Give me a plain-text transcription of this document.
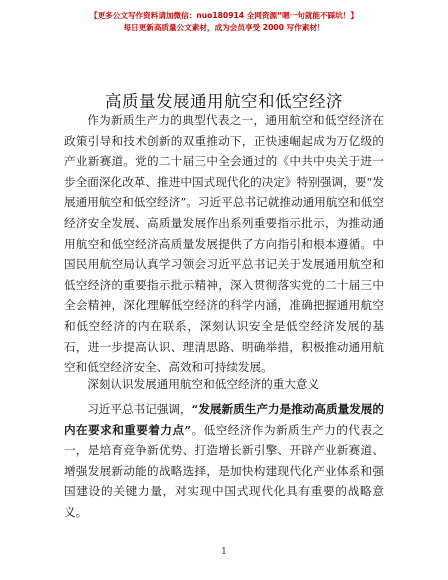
【更多公文写作资料请加微信：nuo180914 全网资源“嗯一句就能不踩坑！】
每日更新高质量公文素材，成为会员享受 2000 写作素材！
高质量发展通用航空和低空经济
作为新质生产力的典型代表之一，通用航空和低空经济在政策引导和技术创新的双重推动下，正快速崛起成为万亿级的产业新赛道。党的二十届三中全会通过的《中共中央关于进一步全面深化改革、推进中国式现代化的决定》特别强调，要“发展通用航空和低空经济”。习近平总书记就推动通用航空和低空经济安全发展、高质量发展作出系列重要指示批示，为推动通用航空和低空经济高质量发展提供了方向指引和根本遵循。中国民用航空局认真学习领会习近平总书记关于发展通用航空和低空经济的重要指示批示精神，深入贯彻落实党的二十届三中全会精神，深化理解低空经济的科学内涵，准确把握通用航空和低空经济的内在联系，深刻认识安全是低空经济发展的基石，进一步提高认识、理清思路、明确举措，积极推动通用航空和低空经济安全、高效和可持续发展。
深刻认识发展通用航空和低空经济的重大意义
习近平总书记强调，“发展新质生产力是推动高质量发展的内在要求和重要着力点”。低空经济作为新质生产力的代表之一，是培育竞争新优势、打造增长新引擎、开辟产业新赛道、增强发展新动能的战略选择，是加快构建现代化产业体系和强国建设的关键力量，对实现中国式现代化具有重要的战略意义。
1
